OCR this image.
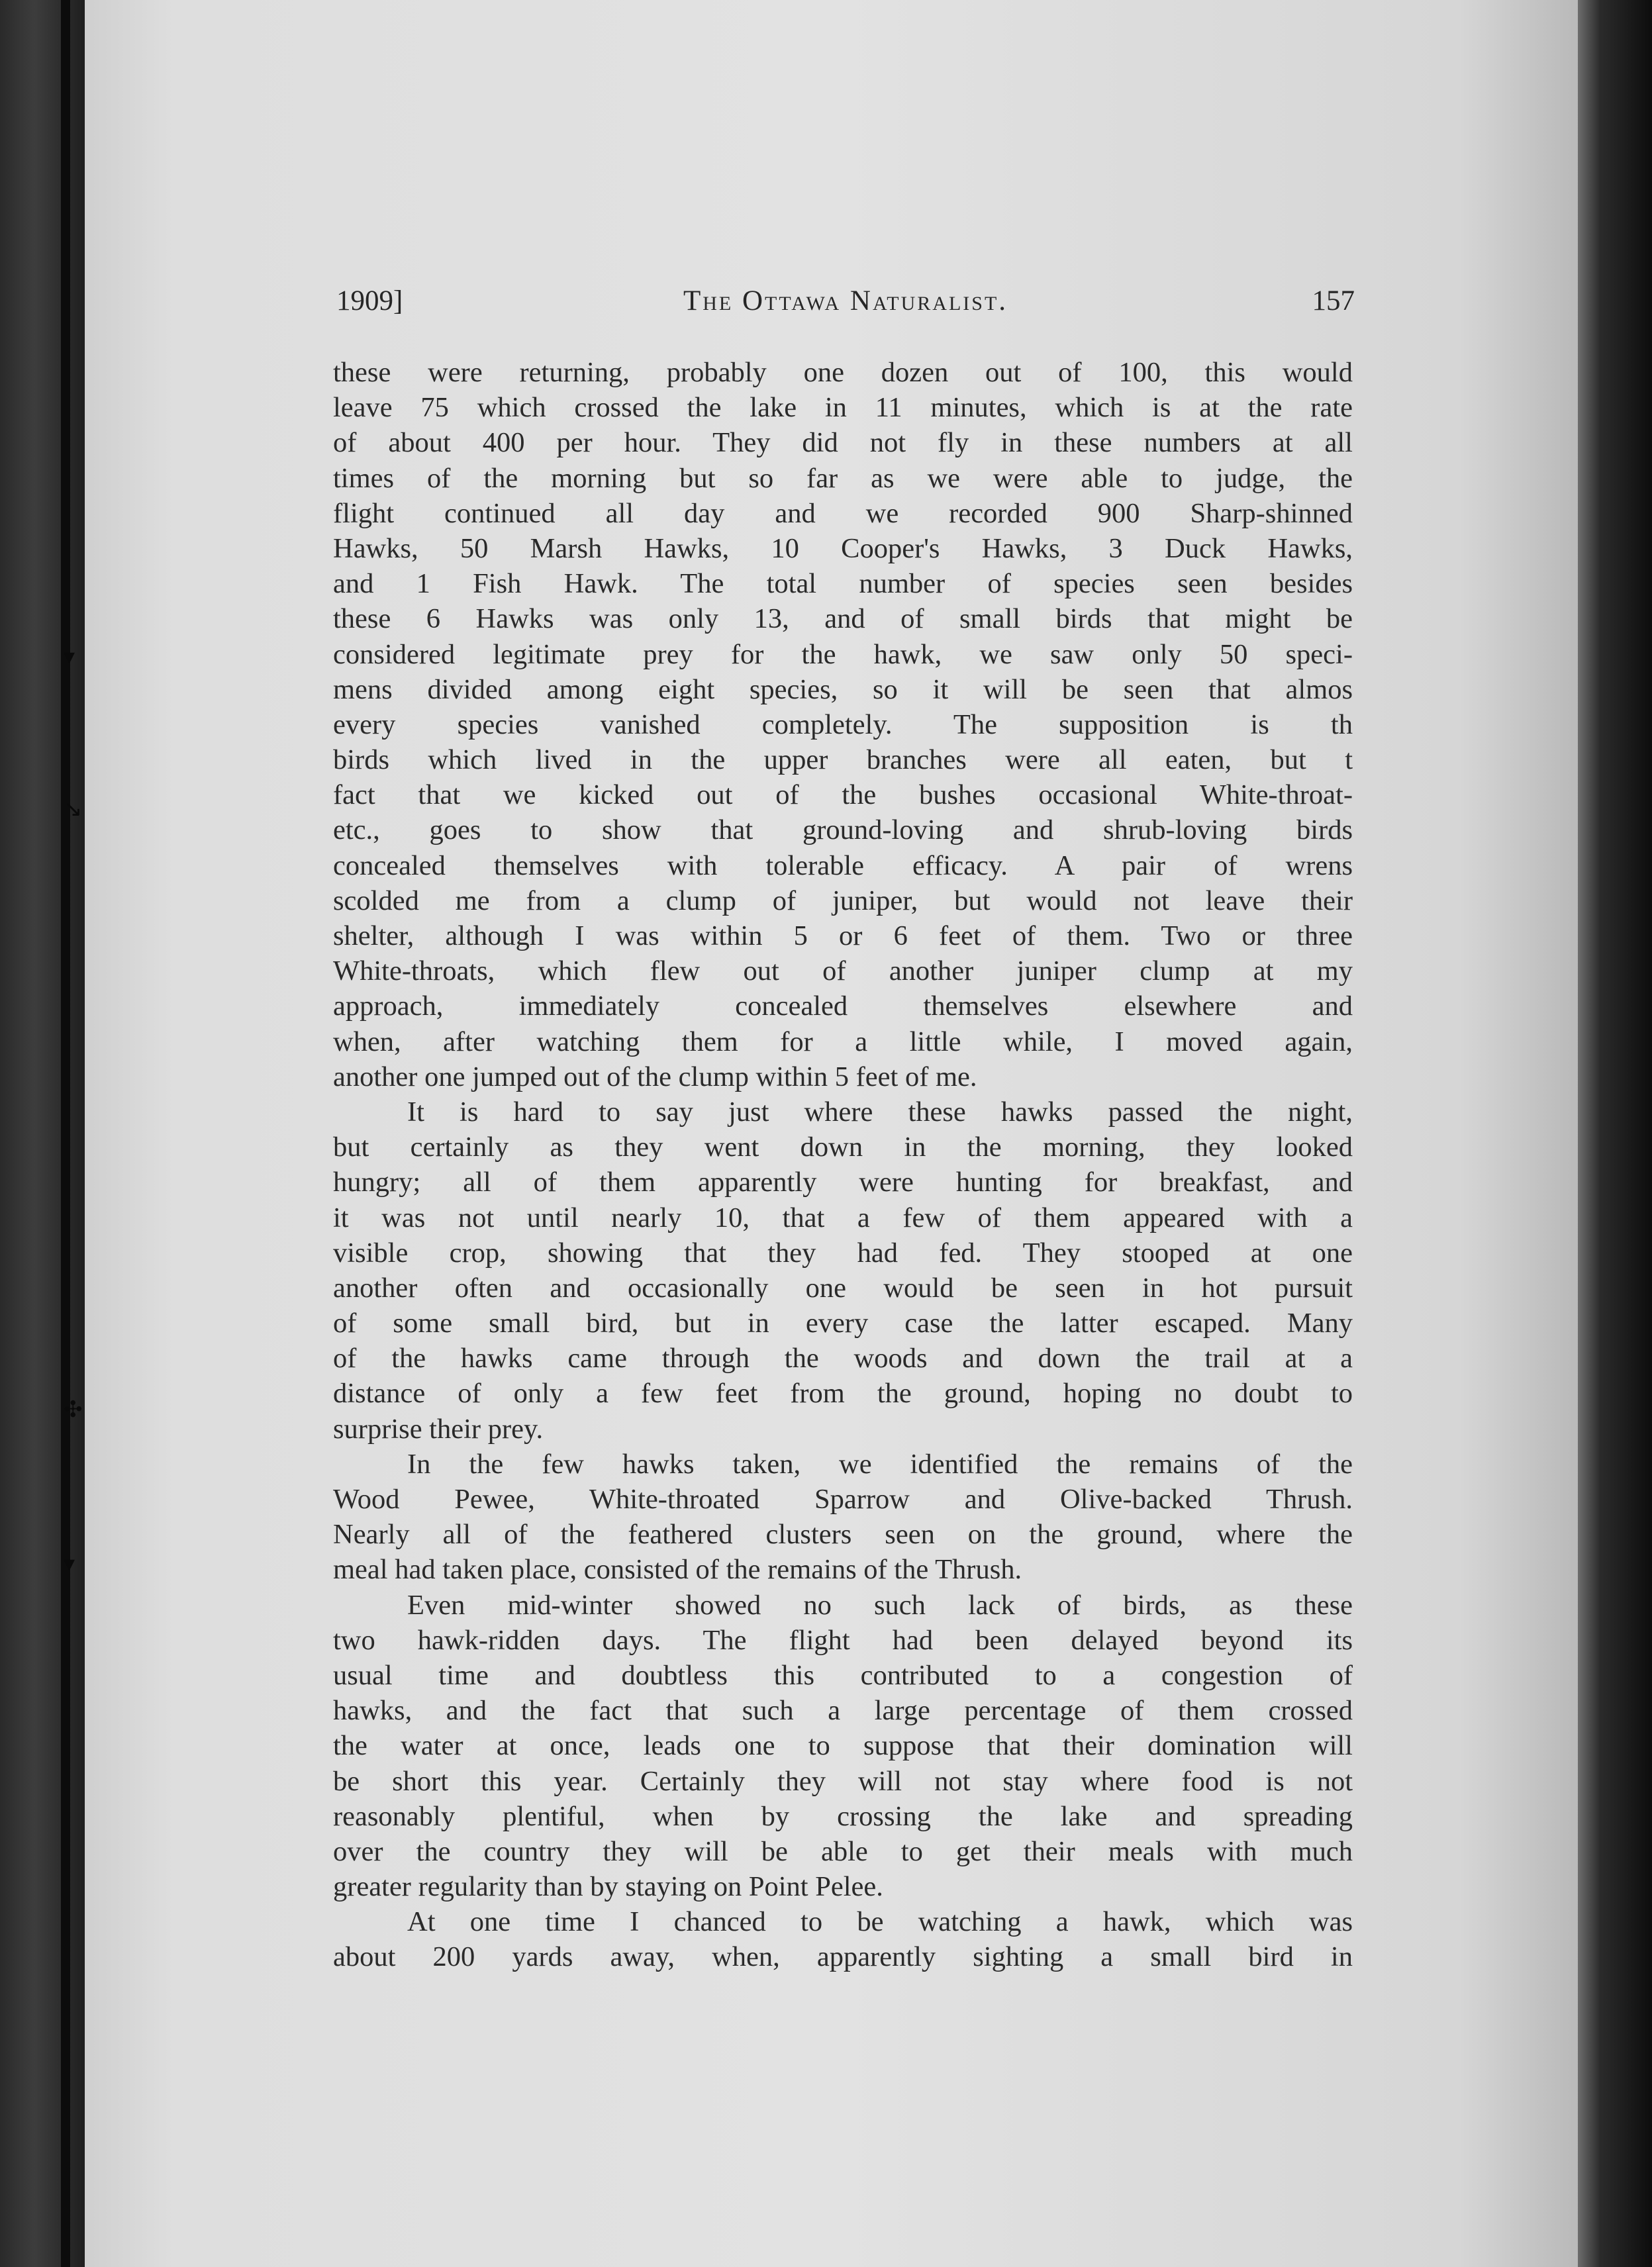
▾
↘
✣
▾
1909]	The Ottawa Naturalist.	157
these were returning, probably one dozen out of 100, this would
leave 75 which crossed the lake in 11 minutes, which is at the rate
of about 400 per hour. They did not fly in these numbers at all
times of the morning but so far as we were able to judge, the
flight continued all day and we recorded 900 Sharp-shinned
Hawks, 50 Marsh Hawks, 10 Cooper's Hawks, 3 Duck Hawks,
and 1 Fish Hawk. The total number of species seen besides
these 6 Hawks was only 13, and of small birds that might be
considered legitimate prey for the hawk, we saw only 50 speci-
mens divided among eight species, so it will be seen that almos
every species vanished completely. The supposition is th
birds which lived in the upper branches were all eaten, but t
fact that we kicked out of the bushes occasional White-throat-
etc., goes to show that ground-loving and shrub-loving birds
concealed themselves with tolerable efficacy. A pair of wrens
scolded me from a clump of juniper, but would not leave their
shelter, although I was within 5 or 6 feet of them. Two or three
White-throats, which flew out of another juniper clump at my
approach, immediately concealed themselves elsewhere and
when, after watching them for a little while, I moved again,
another one jumped out of the clump within 5 feet of me.
It is hard to say just where these hawks passed the night,
but certainly as they went down in the morning, they looked
hungry; all of them apparently were hunting for breakfast, and
it was not until nearly 10, that a few of them appeared with a
visible crop, showing that they had fed. They stooped at one
another often and occasionally one would be seen in hot pursuit
of some small bird, but in every case the latter escaped. Many
of the hawks came through the woods and down the trail at a
distance of only a few feet from the ground, hoping no doubt to
surprise their prey.
In the few hawks taken, we identified the remains of the
Wood Pewee, White-throated Sparrow and Olive-backed Thrush.
Nearly all of the feathered clusters seen on the ground, where the
meal had taken place, consisted of the remains of the Thrush.
Even mid-winter showed no such lack of birds, as these
two hawk-ridden days. The flight had been delayed beyond its
usual time and doubtless this contributed to a congestion of
hawks, and the fact that such a large percentage of them crossed
the water at once, leads one to suppose that their domination will
be short this year. Certainly they will not stay where food is not
reasonably plentiful, when by crossing the lake and spreading
over the country they will be able to get their meals with much
greater regularity than by staying on Point Pelee.
At one time I chanced to be watching a hawk, which was
about 200 yards away, when, apparently sighting a small bird in
